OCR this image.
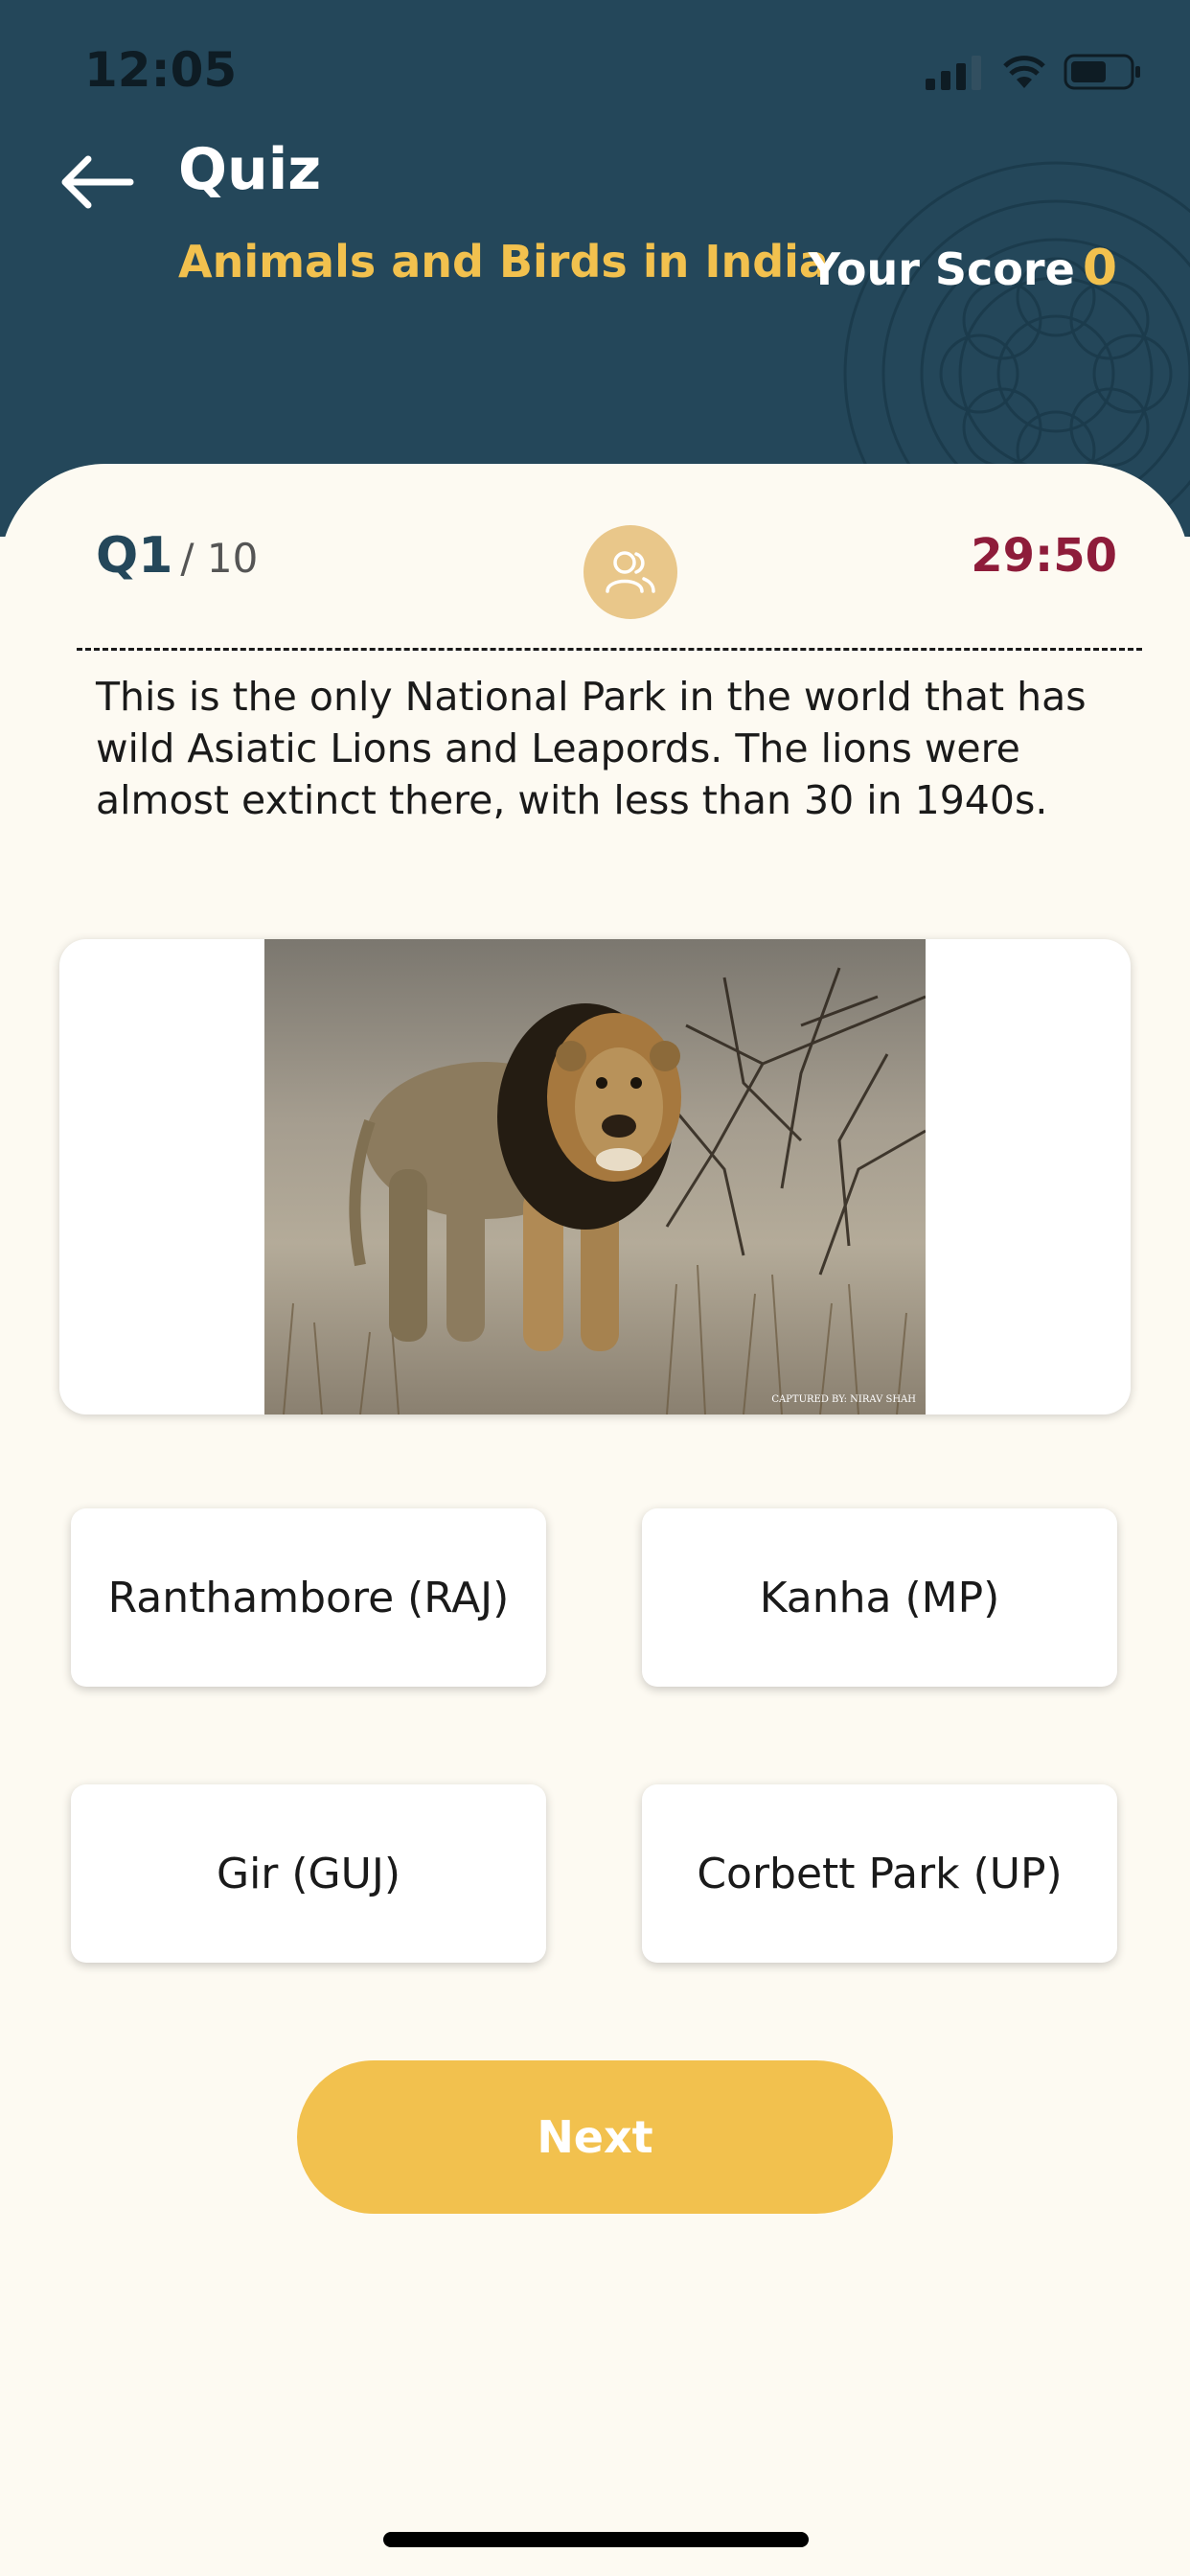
12:05
Quiz
Animals and Birds in India
Your Score 0
Q1 / 10	29:50
This is the only National Park in the world that has wild Asiatic Lions and Leapords. The lions were almost extinct there, with less than 30 in 1940s.
CAPTURED BY: NIRAV SHAH
Ranthambore (RAJ)	Kanha (MP)
Gir (GUJ)	Corbett Park (UP)
Next
